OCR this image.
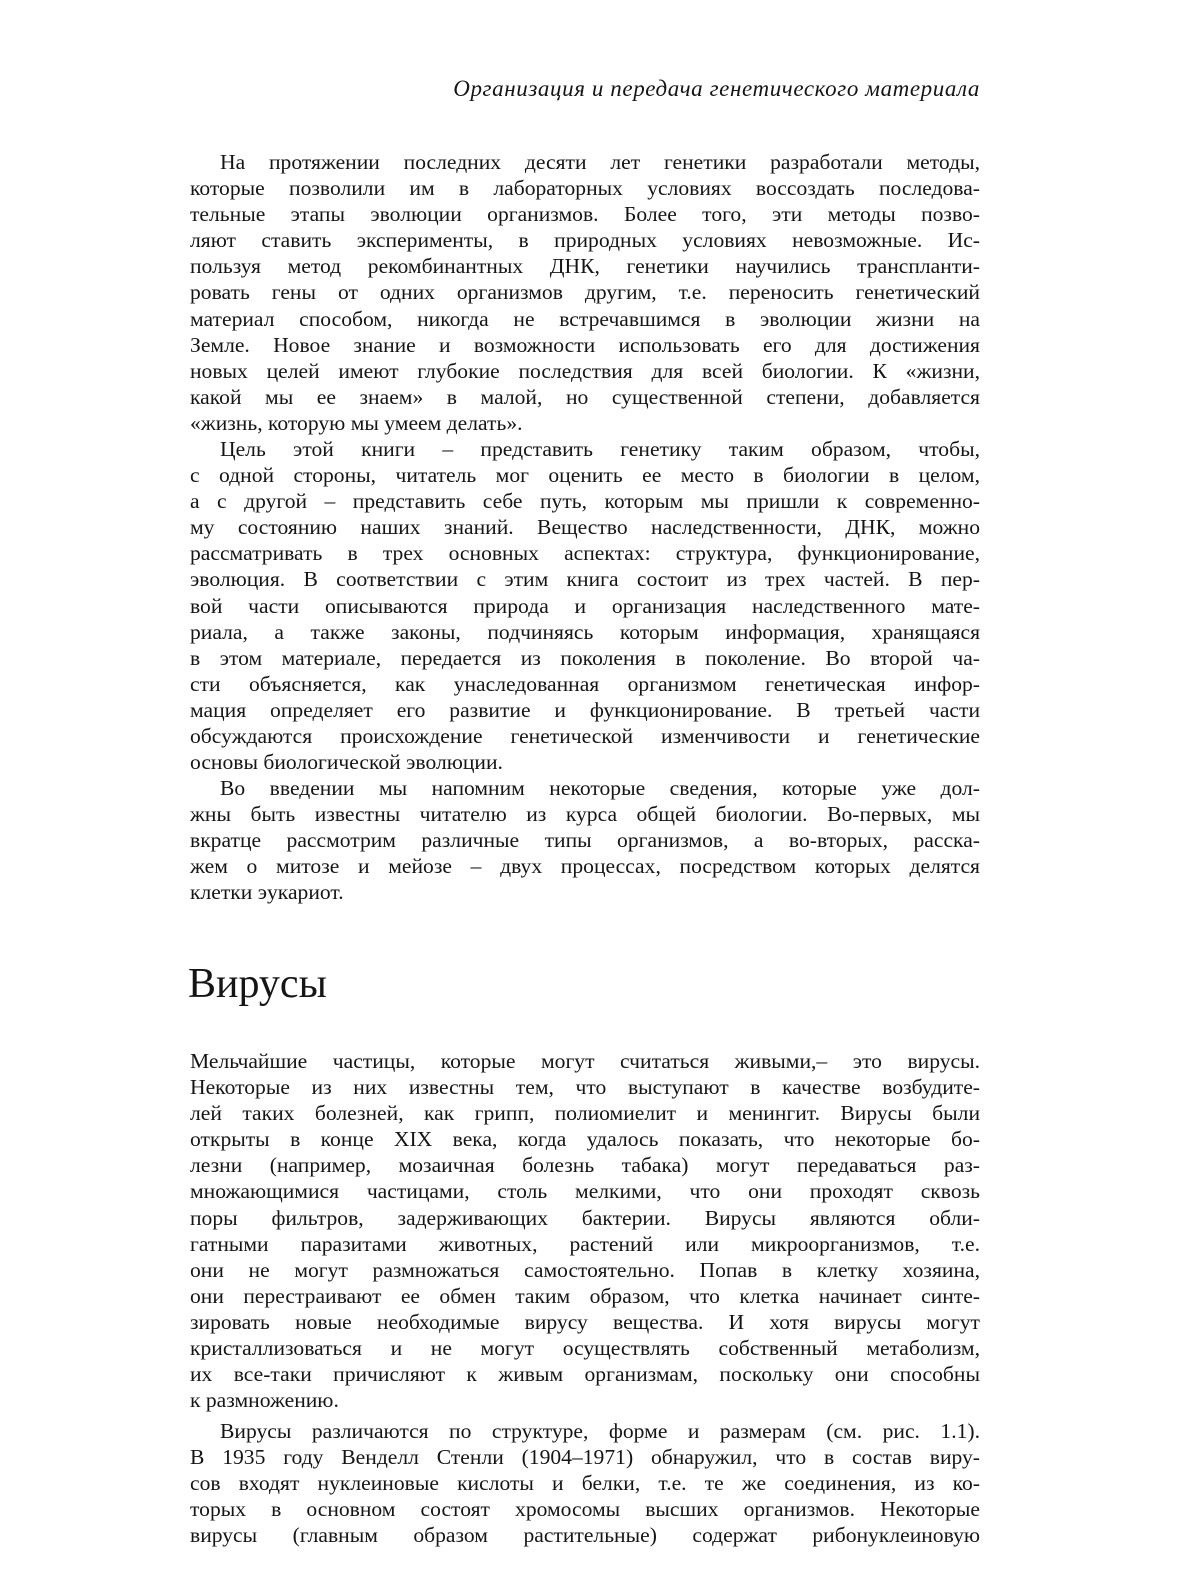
Организация и передача генетического материала
На протяжении последних десяти лет генетики разработали методы,
которые позволили им в лабораторных условиях воссоздать последова-
тельные этапы эволюции организмов. Более того, эти методы позво-
ляют ставить эксперименты, в природных условиях невозможные. Ис-
пользуя метод рекомбинантных ДНК, генетики научились транспланти-
ровать гены от одних организмов другим, т.е. переносить генетический
материал способом, никогда не встречавшимся в эволюции жизни на
Земле. Новое знание и возможности использовать его для достижения
новых целей имеют глубокие последствия для всей биологии. К «жизни,
какой мы ее знаем» в малой, но существенной степени, добавляется
«жизнь, которую мы умеем делать».
Цель этой книги – представить генетику таким образом, чтобы,
с одной стороны, читатель мог оценить ее место в биологии в целом,
а с другой – представить себе путь, которым мы пришли к современно-
му состоянию наших знаний. Вещество наследственности, ДНК, можно
рассматривать в трех основных аспектах: структура, функционирование,
эволюция. В соответствии с этим книга состоит из трех частей. В пер-
вой части описываются природа и организация наследственного мате-
риала, а также законы, подчиняясь которым информация, хранящаяся
в этом материале, передается из поколения в поколение. Во второй ча-
сти объясняется, как унаследованная организмом генетическая инфор-
мация определяет его развитие и функционирование. В третьей части
обсуждаются происхождение генетической изменчивости и генетические
основы биологической эволюции.
Во введении мы напомним некоторые сведения, которые уже дол-
жны быть известны читателю из курса общей биологии. Во-первых, мы
вкратце рассмотрим различные типы организмов, а во-вторых, расска-
жем о митозе и мейозе – двух процессах, посредством которых делятся
клетки эукариот.
Вирусы
Мельчайшие частицы, которые могут считаться живыми,– это вирусы.
Некоторые из них известны тем, что выступают в качестве возбудите-
лей таких болезней, как грипп, полиомиелит и менингит. Вирусы были
открыты в конце XIX века, когда удалось показать, что некоторые бо-
лезни (например, мозаичная болезнь табака) могут передаваться раз-
множающимися частицами, столь мелкими, что они проходят сквозь
поры фильтров, задерживающих бактерии. Вирусы являются обли-
гатными паразитами животных, растений или микроорганизмов, т.е.
они не могут размножаться самостоятельно. Попав в клетку хозяина,
они перестраивают ее обмен таким образом, что клетка начинает синте-
зировать новые необходимые вирусу вещества. И хотя вирусы могут
кристаллизоваться и не могут осуществлять собственный метаболизм,
их все-таки причисляют к живым организмам, поскольку они способны
к размножению.
Вирусы различаются по структуре, форме и размерам (см. рис. 1.1).
В 1935 году Венделл Стенли (1904–1971) обнаружил, что в состав виру-
сов входят нуклеиновые кислоты и белки, т.е. те же соединения, из ко-
торых в основном состоят хромосомы высших организмов. Некоторые
вирусы (главным образом растительные) содержат рибонуклеиновую
